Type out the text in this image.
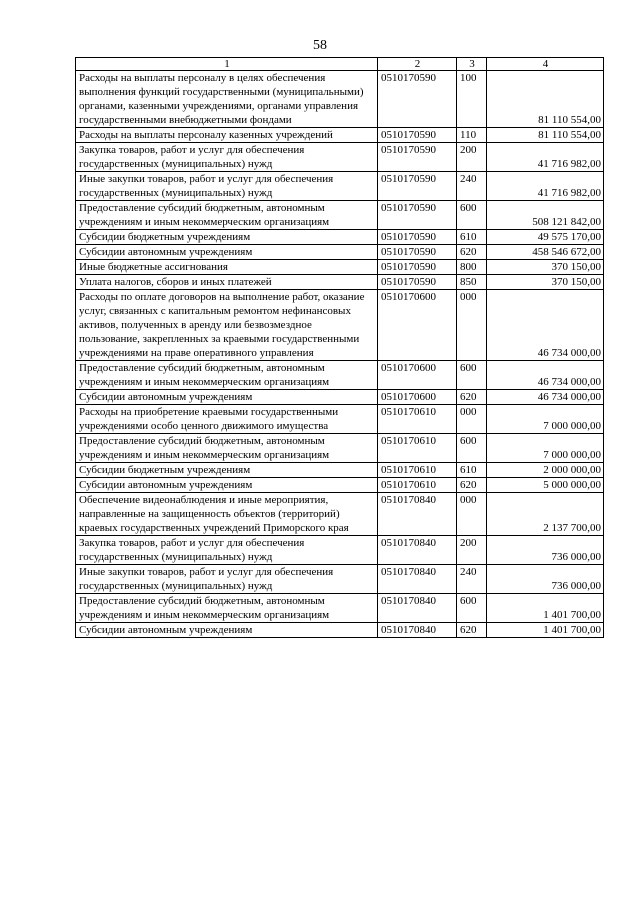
58
1	2	3	4
Расходы на выплаты персоналу в целях обеспечения выполнения функций государственными (муниципальными) органами, казенными учреждениями, органами управления государственными внебюджетными фондами	0510170590	100	81 110 554,00
Расходы на выплаты персоналу казенных учреждений	0510170590	110	81 110 554,00
Закупка товаров, работ и услуг для обеспечения государственных (муниципальных) нужд	0510170590	200	41 716 982,00
Иные закупки товаров, работ и услуг для обеспечения государственных (муниципальных) нужд	0510170590	240	41 716 982,00
Предоставление субсидий бюджетным, автономным учреждениям и иным некоммерческим организациям	0510170590	600	508 121 842,00
Субсидии бюджетным учреждениям	0510170590	610	49 575 170,00
Субсидии автономным учреждениям	0510170590	620	458 546 672,00
Иные бюджетные ассигнования	0510170590	800	370 150,00
Уплата налогов, сборов и иных платежей	0510170590	850	370 150,00
Расходы по оплате договоров на выполнение работ, оказание услуг, связанных с капитальным ремонтом нефинансовых активов, полученных в аренду или безвозмездное пользование, закрепленных за краевыми государственными учреждениями на праве оперативного управления	0510170600	000	46 734 000,00
Предоставление субсидий бюджетным, автономным учреждениям и иным некоммерческим организациям	0510170600	600	46 734 000,00
Субсидии автономным учреждениям	0510170600	620	46 734 000,00
Расходы на приобретение краевыми государственными учреждениями особо ценного движимого имущества	0510170610	000	7 000 000,00
Предоставление субсидий бюджетным, автономным учреждениям и иным некоммерческим организациям	0510170610	600	7 000 000,00
Субсидии бюджетным учреждениям	0510170610	610	2 000 000,00
Субсидии автономным учреждениям	0510170610	620	5 000 000,00
Обеспечение видеонаблюдения и иные мероприятия, направленные на защищенность объектов (территорий) краевых государственных учреждений Приморского края	0510170840	000	2 137 700,00
Закупка товаров, работ и услуг для обеспечения государственных (муниципальных) нужд	0510170840	200	736 000,00
Иные закупки товаров, работ и услуг для обеспечения государственных (муниципальных) нужд	0510170840	240	736 000,00
Предоставление субсидий бюджетным, автономным учреждениям и иным некоммерческим организациям	0510170840	600	1 401 700,00
Субсидии автономным учреждениям	0510170840	620	1 401 700,00
